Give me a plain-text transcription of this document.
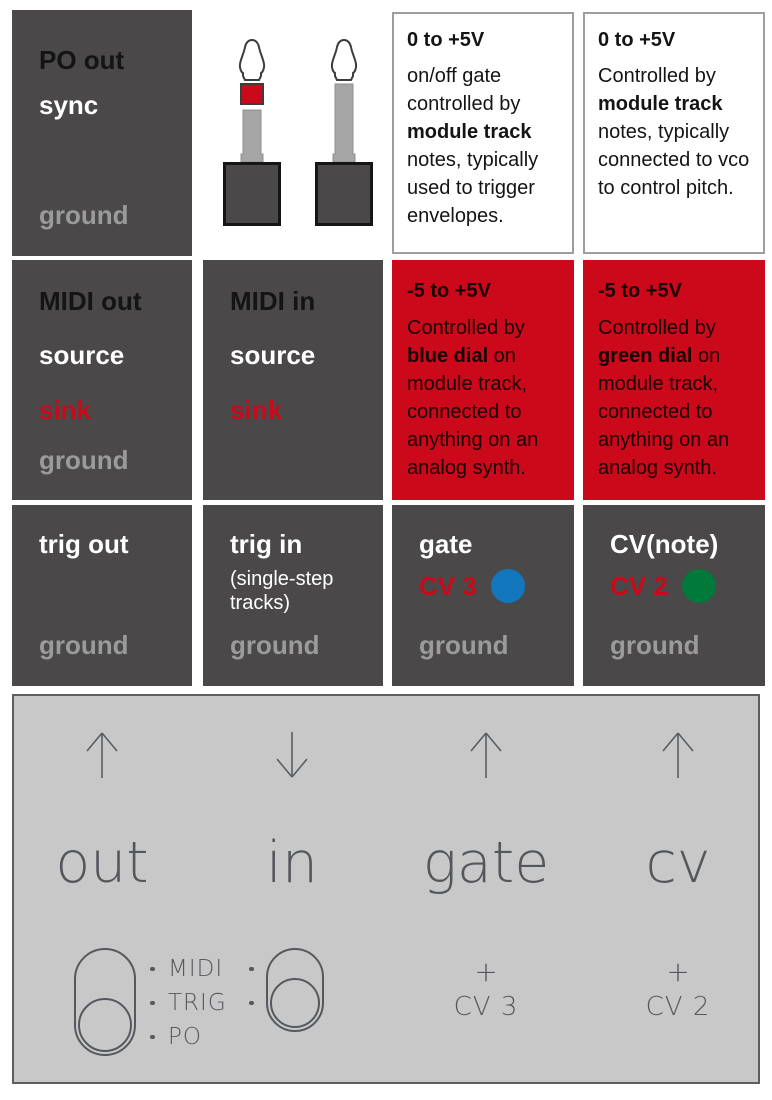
PO out
sync
ground
0 to +5V
on/off gate controlled by module track notes, typically used to trigger envelopes.
0 to +5V
Controlled by module track notes, typically connected to vco to control pitch.
MIDI out
source
sink
ground
MIDI in
source
sink
-5 to +5V
Controlled by blue dial on module track, connected to anything on an analog synth.
-5 to +5V
Controlled by green dial on module track, connected to anything on an analog synth.
trig out
ground
trig in
(single-step tracks)
ground
gate
CV 3
ground
CV(note)
CV 2
ground
out	in	gate	cv
MIDI
TRIG
PO
+
CV 3
+
CV 2
